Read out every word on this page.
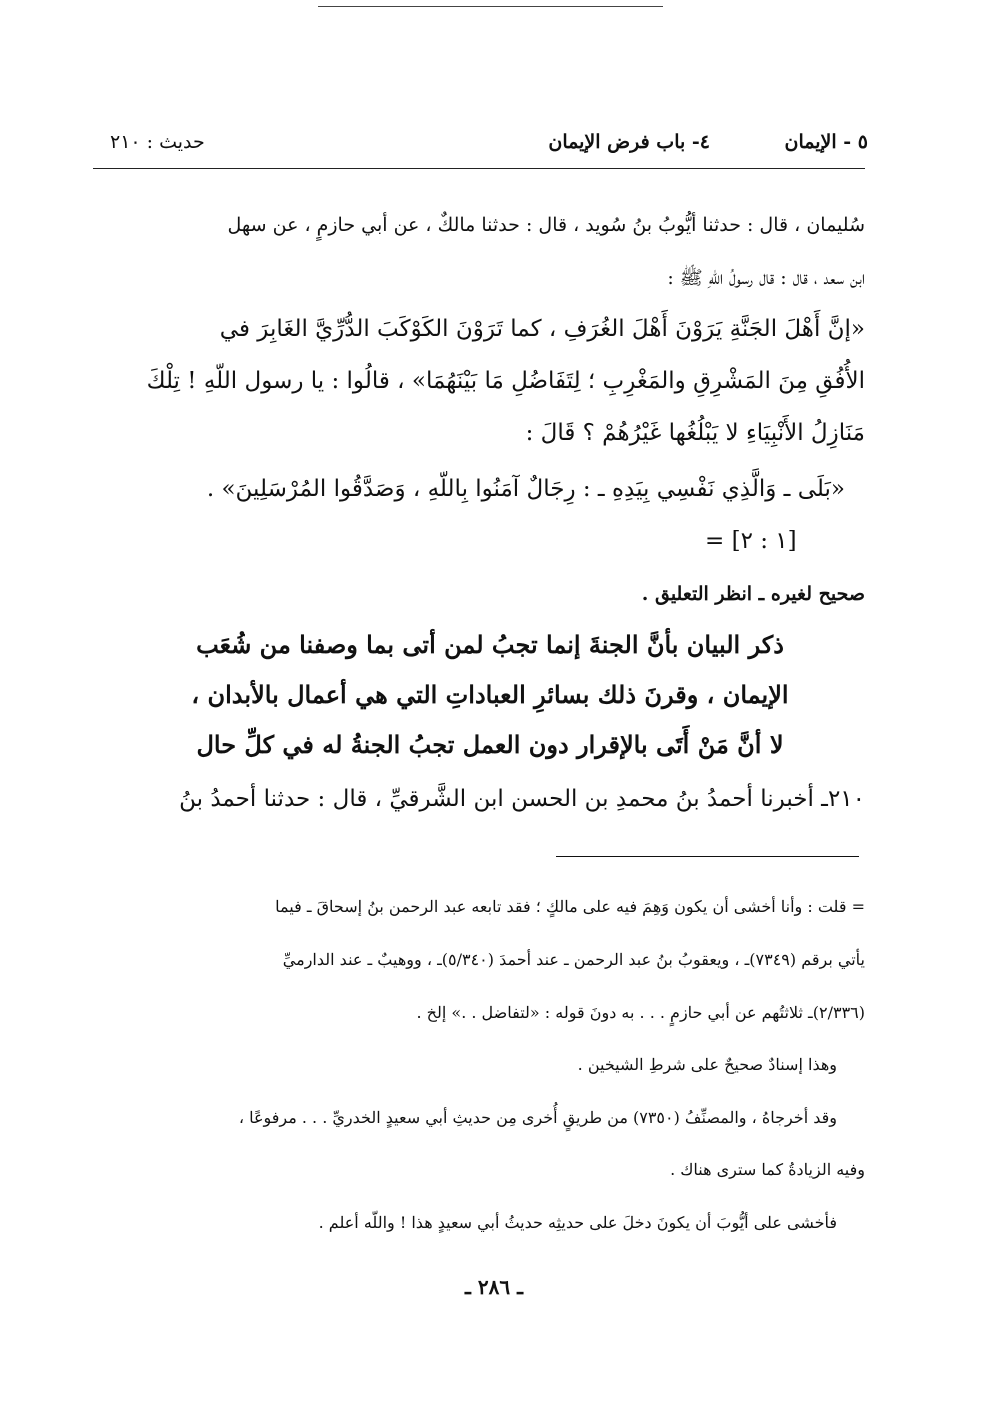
٥ - الإيمان
٤- باب فرض الإيمان
حديث : ٢١٠
سُليمان ، قال : حدثنا أيُّوبُ بنُ سُويد ، قال : حدثنا مالكٌ ، عن أبي حازمٍ ، عن سهل
ابن سعد ، قال : قال رسولُ اللّهِ ﷺ :
«إنَّ أَهْلَ الجَنَّةِ يَرَوْنَ أَهْلَ الغُرَفِ ، كما تَرَوْنَ الكَوْكَبَ الدُّرِّيَّ الغَابِرَ في
الأُفُقِ مِنَ المَشْرِقِ والمَغْرِبِ ؛ لِتَفَاضُلِ مَا بَيْنَهُمَا» ، قالُوا : يا رسول اللّهِ ! تِلْكَ
مَنَازِلُ الأَنْبِيَاءِ لا يَبْلُغُها غَيْرُهُمْ ؟ قَالَ :
«بَلَى ـ وَالَّذِي نَفْسِي بِيَدِهِ ـ : رِجَالٌ آمَنُوا بِاللّهِ ، وَصَدَّقُوا المُرْسَلِينَ» .
= [١ : ٢]
صحيح لغيره ـ انظر التعليق .
ذكر البيان بأنَّ الجنةَ إنما تجبُ لمن أتى بما وصفنا من شُعَب
الإيمان ، وقرنَ ذلك بسائرِ العباداتِ التي هي أعمال بالأبدان ،
لا أنَّ مَنْ أَتَى بالإقرار دون العمل تجبُ الجنةُ له في كلِّ حال
٢١٠ـ أخبرنا أحمدُ بنُ محمدِ بن الحسن ابن الشَّرقيِّ ، قال : حدثنا أحمدُ بنُ
= قلت : وأنا أخشى أن يكون وَهِمَ فيه على مالكٍ ؛ فقد تابعه عبد الرحمن بنُ إسحاقَ ـ فيما
يأتي برقم (٧٣٤٩)ـ ، ويعقوبُ بنُ عبد الرحمن ـ عند أحمدَ (٥/٣٤٠)ـ ، ووهيبٌ ـ عند الدارميِّ
(٢/٣٣٦)ـ ثلاثتُهم عن أبي حازمٍ . . . به دونَ قوله : «لتفاضل . .» إلخ .
وهذا إسنادٌ صحيحٌ على شرطِ الشيخين .
وقد أخرجاهُ ، والمصنِّفُ (٧٣٥٠) من طريقٍ أُخرى مِن حديثِ أبي سعيدٍ الخدريِّ . . . مرفوعًا ،
وفيه الزيادةُ كما سترى هناك .
فأخشى على أيُّوبَ أن يكونَ دخلَ على حديثِه حديثُ أبي سعيدٍ هذا ! واللّه أعلم .
ـ ٢٨٦ ـ
